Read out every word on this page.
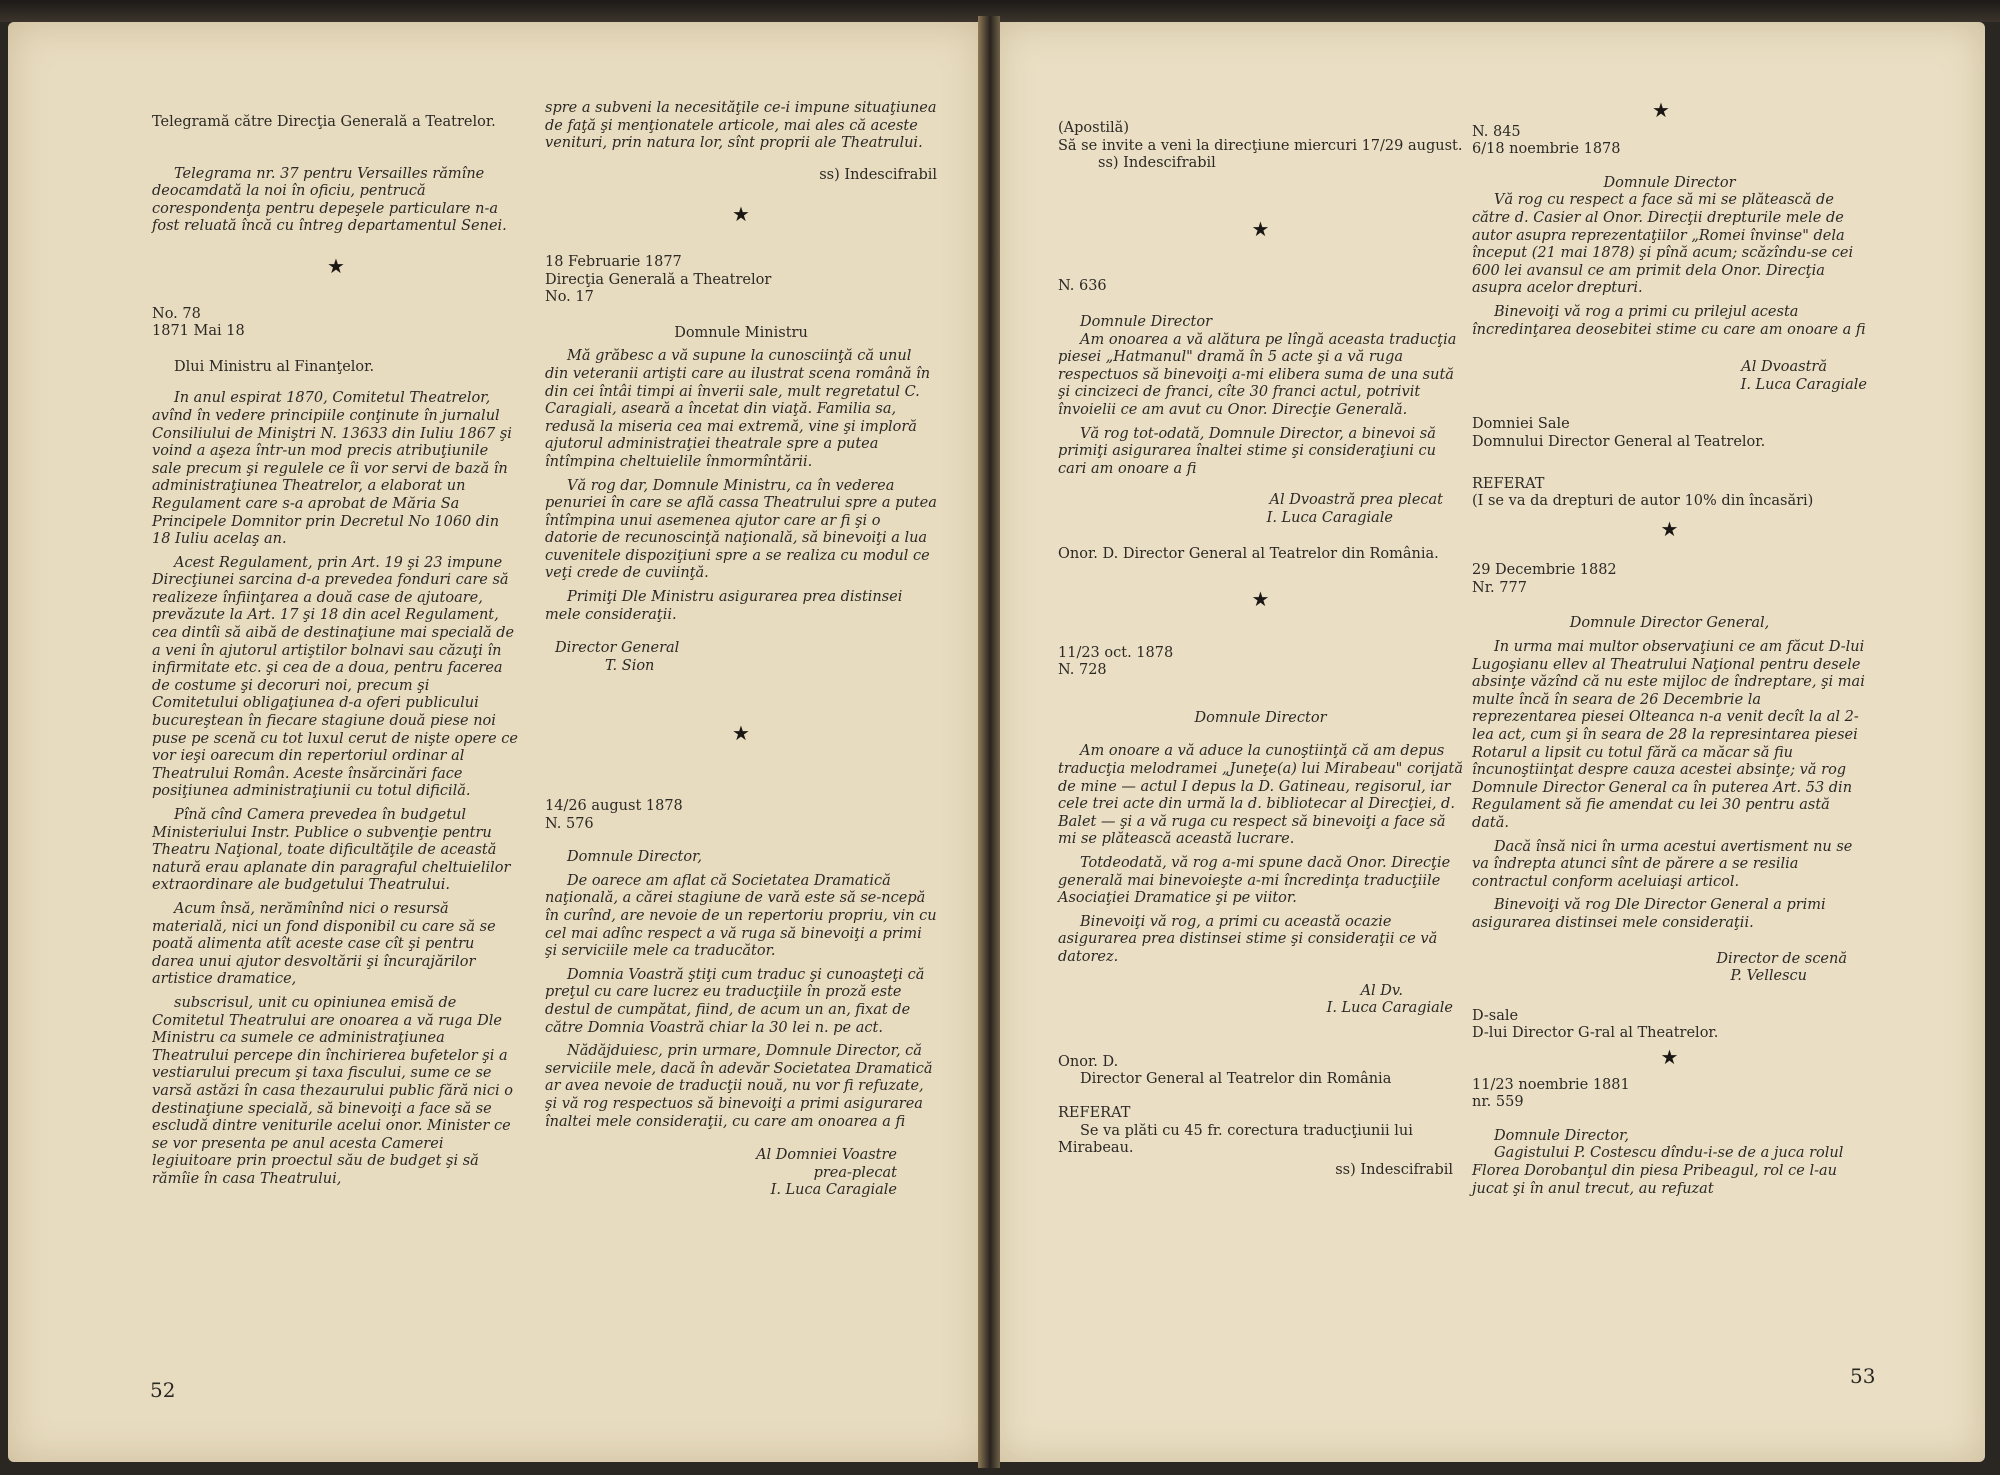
Telegramă către Direcţia Generală a Teatrelor.

Telegrama nr. 37 pentru Versailles rămîne deocamdată la noi în oficiu, pentrucă corespondenţa pentru depeşele particulare n-a fost reluată încă cu întreg departamentul Senei.

★

No. 78

1871 Mai 18

Dlui Ministru al Finanţelor.

In anul espirat 1870, Comitetul Theatrelor, avînd în vedere principiile conţinute în jurnalul Consiliului de Miniştri N. 13633 din Iuliu 1867 şi voind a aşeza într-un mod precis atribuţiunile sale precum şi regulele ce îi vor servi de bază în administraţiunea Theatrelor, a elaborat un Regulament care s-a aprobat de Măria Sa Principele Domnitor prin Decretul No 1060 din 18 Iuliu acelaş an.

Acest Regulament, prin Art. 19 şi 23 impune Direcţiunei sarcina d-a prevedea fonduri care să realizeze înfiinţarea a două case de ajutoare, prevăzute la Art. 17 şi 18 din acel Regulament, cea dintîi să aibă de destinaţiune mai specială de a veni în ajutorul artiştilor bolnavi sau căzuţi în infirmitate etc. şi cea de a doua, pentru facerea de costume şi decoruri noi, precum şi Comitetului obligaţiunea d-a oferi publicului bucureştean în fiecare stagiune două piese noi puse pe scenă cu tot luxul cerut de nişte opere ce vor ieşi oarecum din repertoriul ordinar al Theatrului Român. Aceste însărcinări face posiţiunea administraţiunii cu totul dificilă.

Pînă cînd Camera prevedea în budgetul Ministeriului Instr. Publice o subvenţie pentru Theatru Naţional, toate dificultăţile de această natură erau aplanate din paragraful cheltuielilor extraordinare ale budgetului Theatrului.

Acum însă, nerămînînd nici o resursă materială, nici un fond disponibil cu care să se poată alimenta atît aceste case cît şi pentru darea unui ajutor desvoltării şi încurajărilor artistice dramatice,

subscrisul, unit cu opiniunea emisă de Comitetul Theatrului are onoarea a vă ruga Dle Ministru ca sumele ce administraţiunea Theatrului percepe din închirierea bufetelor şi a vestiarului precum şi taxa fiscului, sume ce se varsă astăzi în casa thezaurului public fără nici o destinaţiune specială, să binevoiţi a face să se escludă dintre veniturile acelui onor. Minister ce se vor presenta pe anul acesta Camerei legiuitoare prin proectul său de budget şi să rămîie în casa Theatrului,

spre a subveni la necesităţile ce-i impune situaţiunea de faţă şi menţionatele articole, mai ales că aceste venituri, prin natura lor, sînt proprii ale Theatrului.

ss) Indescifrabil

★

18 Februarie 1877

Direcţia Generală a Theatrelor

No. 17

Domnule Ministru

Mă grăbesc a vă supune la cunosciinţă că unul din veteranii artişti care au ilustrat scena română în din cei întâi timpi ai înverii sale, mult regretatul C. Caragiali, aseară a încetat din viaţă. Familia sa, redusă la miseria cea mai extremă, vine şi imploră ajutorul administraţiei theatrale spre a putea întîmpina cheltuielile înmormîntării.

Vă rog dar, Domnule Ministru, ca în vederea penuriei în care se află cassa Theatrului spre a putea întîmpina unui asemenea ajutor care ar fi şi o datorie de recunoscinţă naţională, să binevoiţi a lua cuvenitele dispoziţiuni spre a se realiza cu modul ce veţi crede de cuviinţă.

Primiţi Dle Ministru asigurarea prea distinsei mele consideraţii.

Director General

T. Sion

★

14/26 august 1878

N. 576

Domnule Director,

De oarece am aflat că Societatea Dramatică naţională, a cărei stagiune de vară este să se-ncepă în curînd, are nevoie de un repertoriu propriu, vin cu cel mai adînc respect a vă ruga să binevoiţi a primi şi serviciile mele ca traducător.

Domnia Voastră ştiţi cum traduc şi cunoaşteţi că preţul cu care lucrez eu traducţiile în proză este destul de cumpătat, fiind, de acum un an, fixat de către Domnia Voastră chiar la 30 lei n. pe act.

Nădăjduiesc, prin urmare, Domnule Director, că serviciile mele, dacă în adevăr Societatea Dramatică ar avea nevoie de traducţii nouă, nu vor fi refuzate, şi vă rog respectuos să binevoiţi a primi asigurarea înaltei mele consideraţii, cu care am onoarea a fi

Al Domniei Voastre

prea-plecat

I. Luca Caragiale

52

(Apostilă)

Să se invite a veni la direcţiune miercuri 17/29 august.

ss) Indescifrabil

★

N. 636

Domnule Director

Am onoarea a vă alătura pe lîngă aceasta traducţia piesei „Hatmanul" dramă în 5 acte şi a vă ruga respectuos să binevoiţi a-mi elibera suma de una sută şi cincizeci de franci, cîte 30 franci actul, potrivit învoielii ce am avut cu Onor. Direcţie Generală.

Vă rog tot-odată, Domnule Director, a binevoi să primiţi asigurarea înaltei stime şi consideraţiuni cu cari am onoare a fi

Al Dvoastră prea plecat

I. Luca Caragiale

Onor. D. Director General al Teatrelor din România.

★

11/23 oct. 1878

N. 728

Domnule Director

Am onoare a vă aduce la cunoştiinţă că am depus traducţia melodramei „Juneţe(a) lui Mirabeau" corijată de mine — actul I depus la D. Gatineau, regisorul, iar cele trei acte din urmă la d. bibliotecar al Direcţiei, d. Balet — şi a vă ruga cu respect să binevoiţi a face să mi se plătească această lucrare.

Totdeodată, vă rog a-mi spune dacă Onor. Direcţie generală mai binevoieşte a-mi încredinţa traducţiile Asociaţiei Dramatice şi pe viitor.

Binevoiţi vă rog, a primi cu această ocazie asigurarea prea distinsei stime şi consideraţii ce vă datorez.

Al Dv.

I. Luca Caragiale

Onor. D.

Director General al Teatrelor din România

REFERAT

Se va plăti cu 45 fr. corectura traducţiunii lui Mirabeau.

ss) Indescifrabil

★

N. 845

6/18 noembrie 1878

Domnule Director

Vă rog cu respect a face să mi se plătească de către d. Casier al Onor. Direcţii drepturile mele de autor asupra reprezentaţiilor „Romei învinse" dela început (21 mai 1878) şi pînă acum; scăzîndu-se cei 600 lei avansul ce am primit dela Onor. Direcţia asupra acelor drepturi.

Binevoiţi vă rog a primi cu prilejul acesta încredinţarea deosebitei stime cu care am onoare a fi

Al Dvoastră

I. Luca Caragiale

Domniei Sale

Domnului Director General al Teatrelor.

REFERAT

(I se va da drepturi de autor 10% din încasări)

★

29 Decembrie 1882

Nr. 777

Domnule Director General,

In urma mai multor observaţiuni ce am făcut D-lui Lugoşianu ellev al Theatrului Naţional pentru desele absinţe văzînd că nu este mijloc de îndreptare, şi mai multe încă în seara de 26 Decembrie la reprezentarea piesei Olteanca n-a venit decît la al 2-lea act, cum şi în seara de 28 la represintarea piesei Rotarul a lipsit cu totul fără ca măcar să fiu încunoştiinţat despre cauza acestei absinţe; vă rog Domnule Director General ca în puterea Art. 53 din Regulament să fie amendat cu lei 30 pentru astă dată.

Dacă însă nici în urma acestui avertisment nu se va îndrepta atunci sînt de părere a se resilia contractul conform aceluiaşi articol.

Binevoiţi vă rog Dle Director General a primi asigurarea distinsei mele consideraţii.

Director de scenă

P. Vellescu

D-sale

D-lui Director G-ral al Theatrelor.

★

11/23 noembrie 1881

nr. 559

Domnule Director,

Gagistului P. Costescu dîndu-i-se de a juca rolul Florea Dorobanţul din piesa Pribeagul, rol ce l-au jucat şi în anul trecut, au refuzat

53
